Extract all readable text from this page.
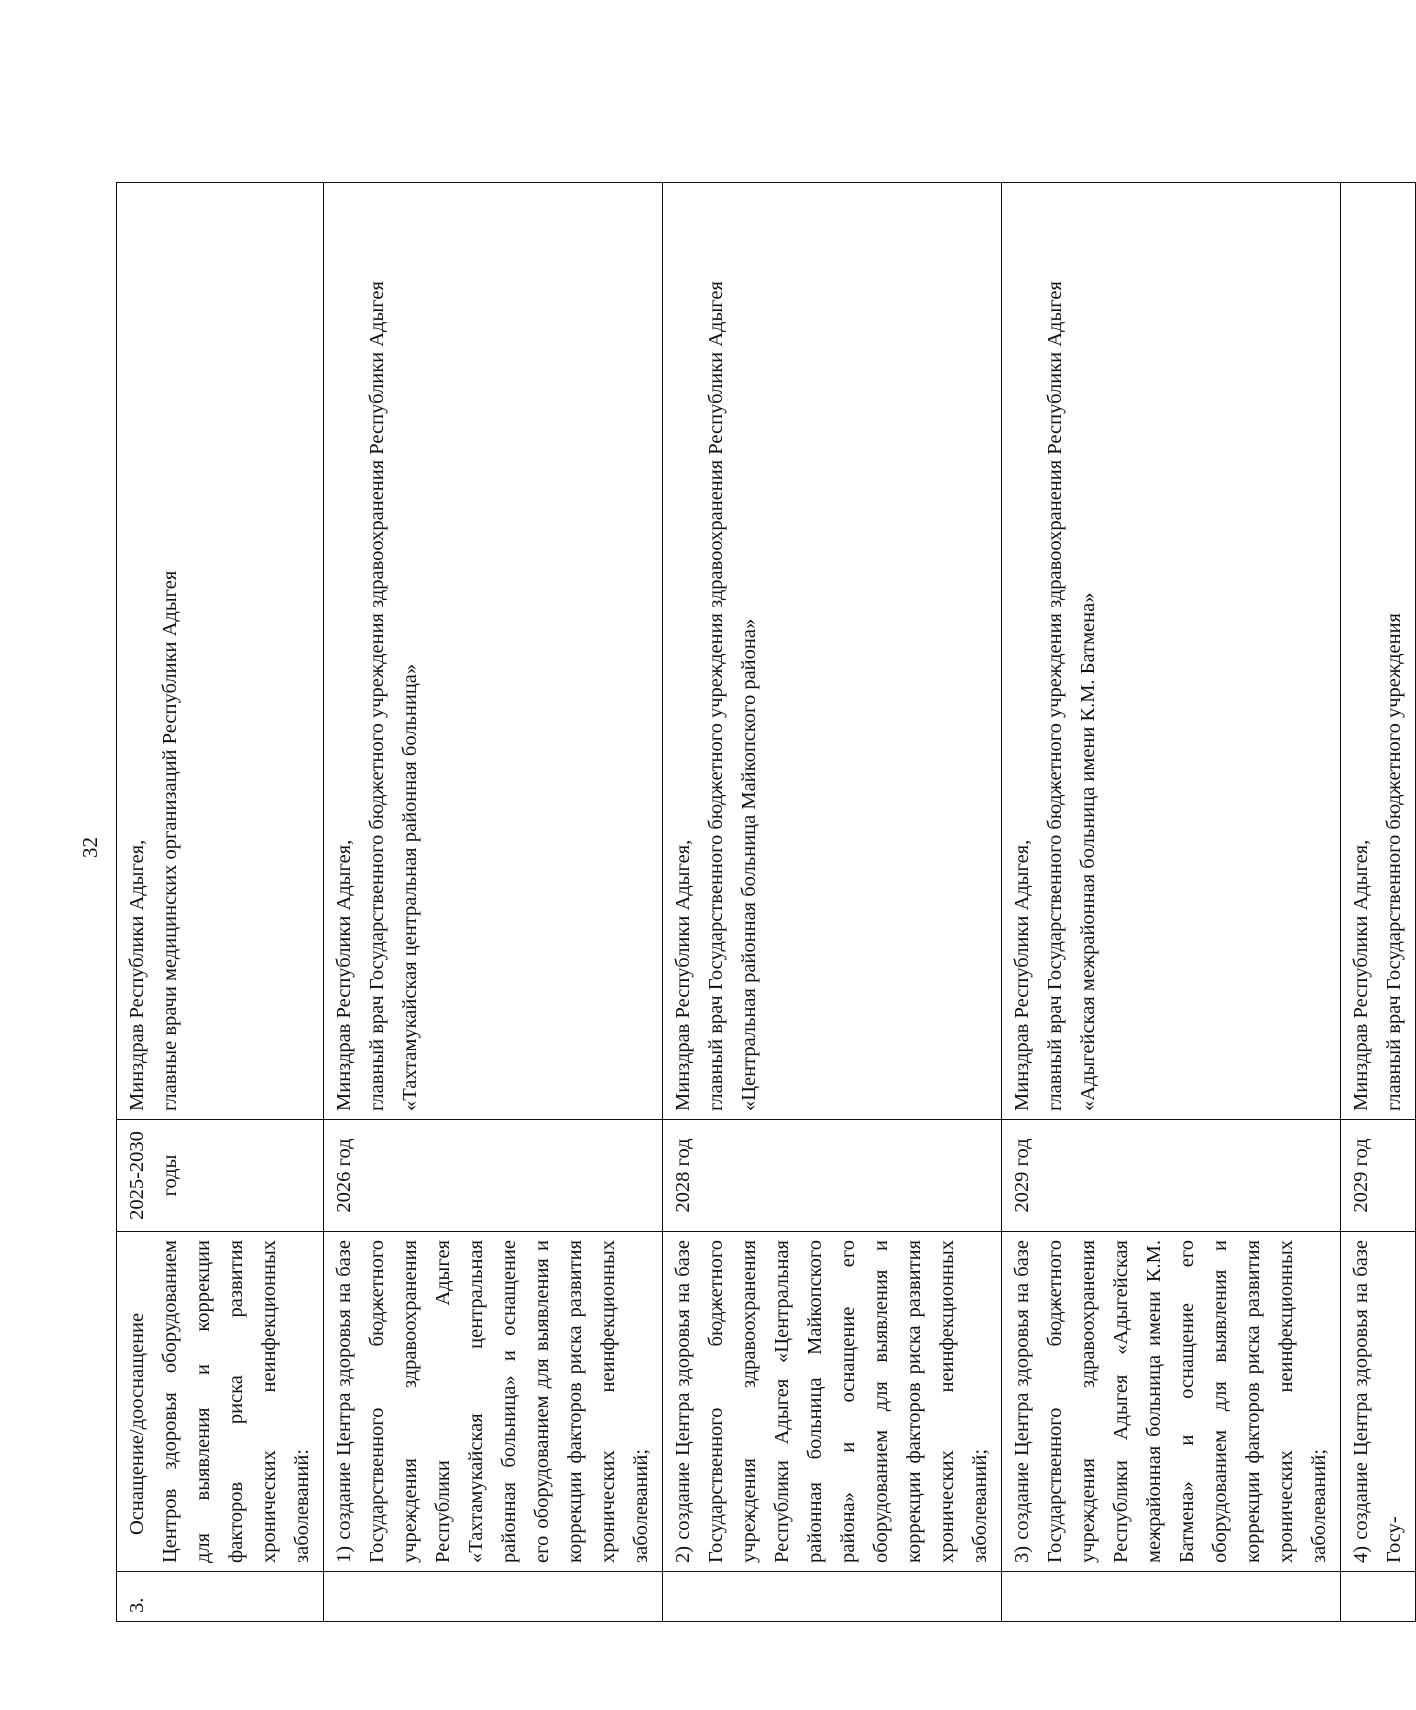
32
3.	Оснащение/дооснащение Центров здоровья оборудованием для выявления и коррекции факторов риска развития хронических неинфекционных заболеваний:	2025-2030 годы	Минздрав Республики Адыгея, главные врачи медицинских организаций Республики Адыгея

	1) создание Центра здоровья на базе Государственного бюджетного учреждения здравоохранения Республики Адыгея «Тахтамукайская центральная районная больница» и оснащение его оборудованием для выявления и коррекции факторов риска развития хронических неинфекционных заболеваний;	2026 год	Минздрав Республики Адыгея, главный врач Государственного бюджетного учреждения здравоохранения Республики Адыгея «Тахтамукайская центральная районная больница»

	2) создание Центра здоровья на базе Государственного бюджетного учреждения здравоохранения Республики Адыгея «Центральная районная больница Майкопского района» и оснащение его оборудованием для выявления и коррекции факторов риска развития хронических неинфекционных заболеваний;	2028 год	Минздрав Республики Адыгея, главный врач Государственного бюджетного учреждения здравоохранения Республики Адыгея «Центральная районная больница Майкопского района»

	3) создание Центра здоровья на базе Государственного бюджетного учреждения здравоохранения Республики Адыгея «Адыгейская межрайонная больница имени К.М. Батмена» и оснащение его оборудованием для выявления и коррекции факторов риска развития хронических неинфекционных заболеваний;	2029 год	Минздрав Республики Адыгея, главный врач Государственного бюджетного учреждения здравоохранения Республики Адыгея «Адыгейская межрайонная больница имени К.М. Батмена»

	4) создание Центра здоровья на базе Госу-	2029 год	Минздрав Республики Адыгея, главный врач Государственного бюджетного учреждения
